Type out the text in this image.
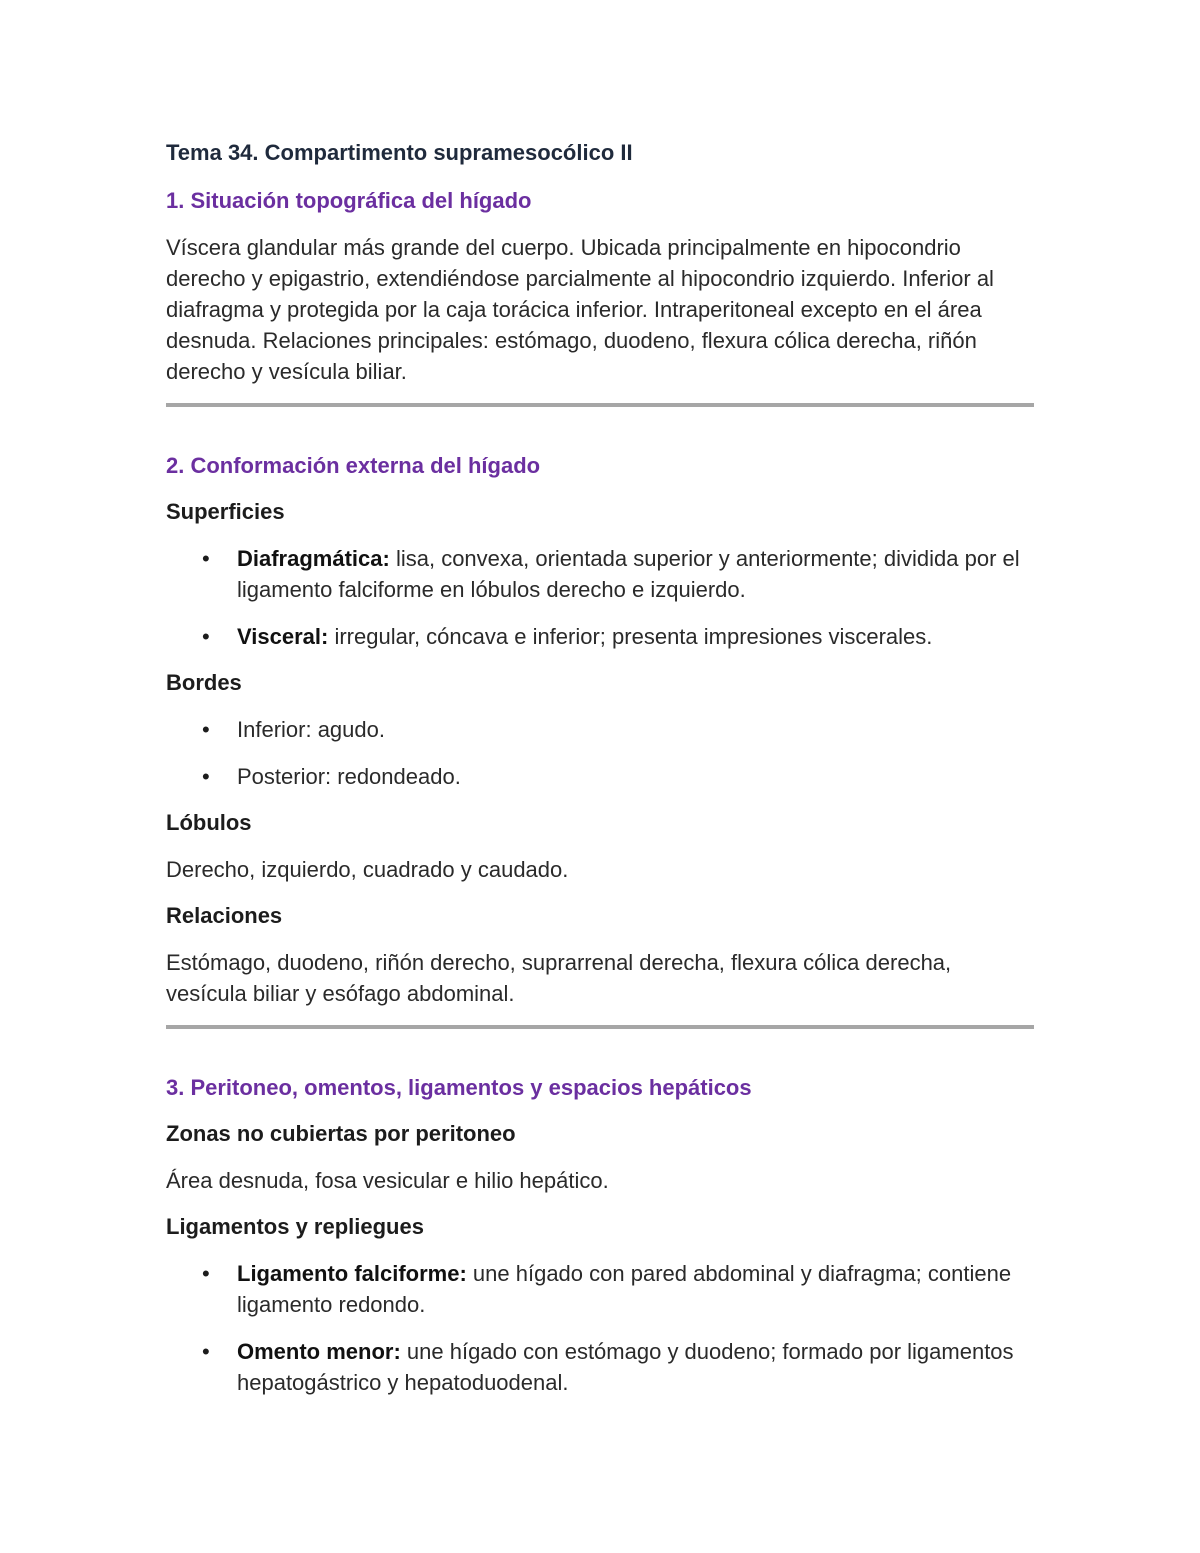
Tema 34. Compartimento supramesocólico II
1. Situación topográfica del hígado

Víscera glandular más grande del cuerpo. Ubicada principalmente en hipocondrio derecho y epigastrio, extendiéndose parcialmente al hipocondrio izquierdo. Inferior al diafragma y protegida por la caja torácica inferior. Intraperitoneal excepto en el área desnuda. Relaciones principales: estómago, duodeno, flexura cólica derecha, riñón derecho y vesícula biliar.

2. Conformación externa del hígado
Superficies
• Diafragmática: lisa, convexa, orientada superior y anteriormente; dividida por el ligamento falciforme en lóbulos derecho e izquierdo.
• Visceral: irregular, cóncava e inferior; presenta impresiones viscerales.
Bordes
• Inferior: agudo.
• Posterior: redondeado.
Lóbulos

Derecho, izquierdo, cuadrado y caudado.

Relaciones

Estómago, duodeno, riñón derecho, suprarrenal derecha, flexura cólica derecha, vesícula biliar y esófago abdominal.

3. Peritoneo, omentos, ligamentos y espacios hepáticos
Zonas no cubiertas por peritoneo

Área desnuda, fosa vesicular e hilio hepático.

Ligamentos y repliegues
• Ligamento falciforme: une hígado con pared abdominal y diafragma; contiene ligamento redondo.
• Omento menor: une hígado con estómago y duodeno; formado por ligamentos hepatogástrico y hepatoduodenal.
